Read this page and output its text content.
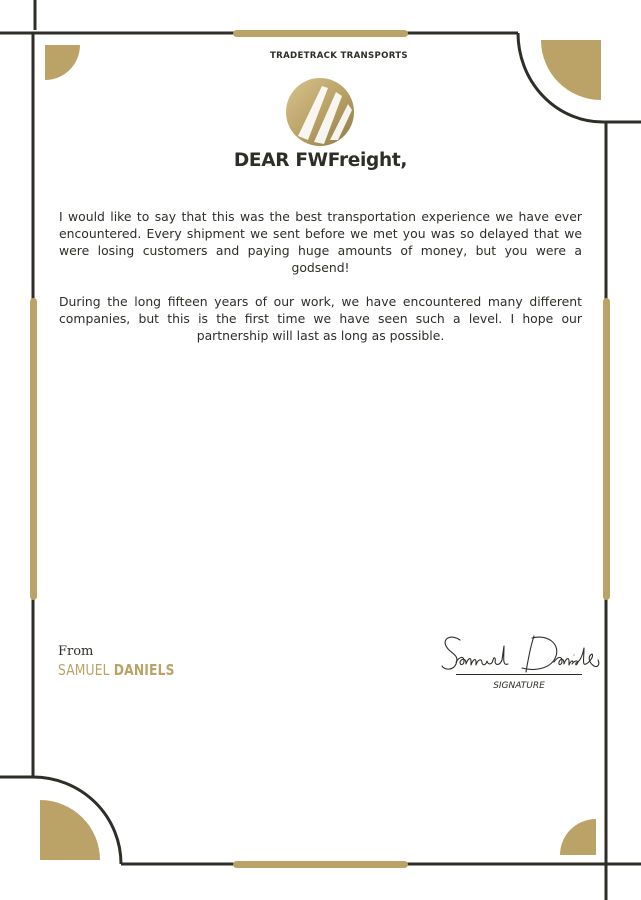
TRADETRACK TRANSPORTS
DEAR FWFreight,

I would like to say that this was the best transportation experience we have ever encountered. Every shipment we sent before we met you was so delayed that we were losing customers and paying huge amounts of money, but you were a godsend!

During the long fifteen years of our work, we have encountered many different companies, but this is the first time we have seen such a level. I hope our partnership will last as long as possible.

From
SAMUEL DANIELS
SIGNATURE
